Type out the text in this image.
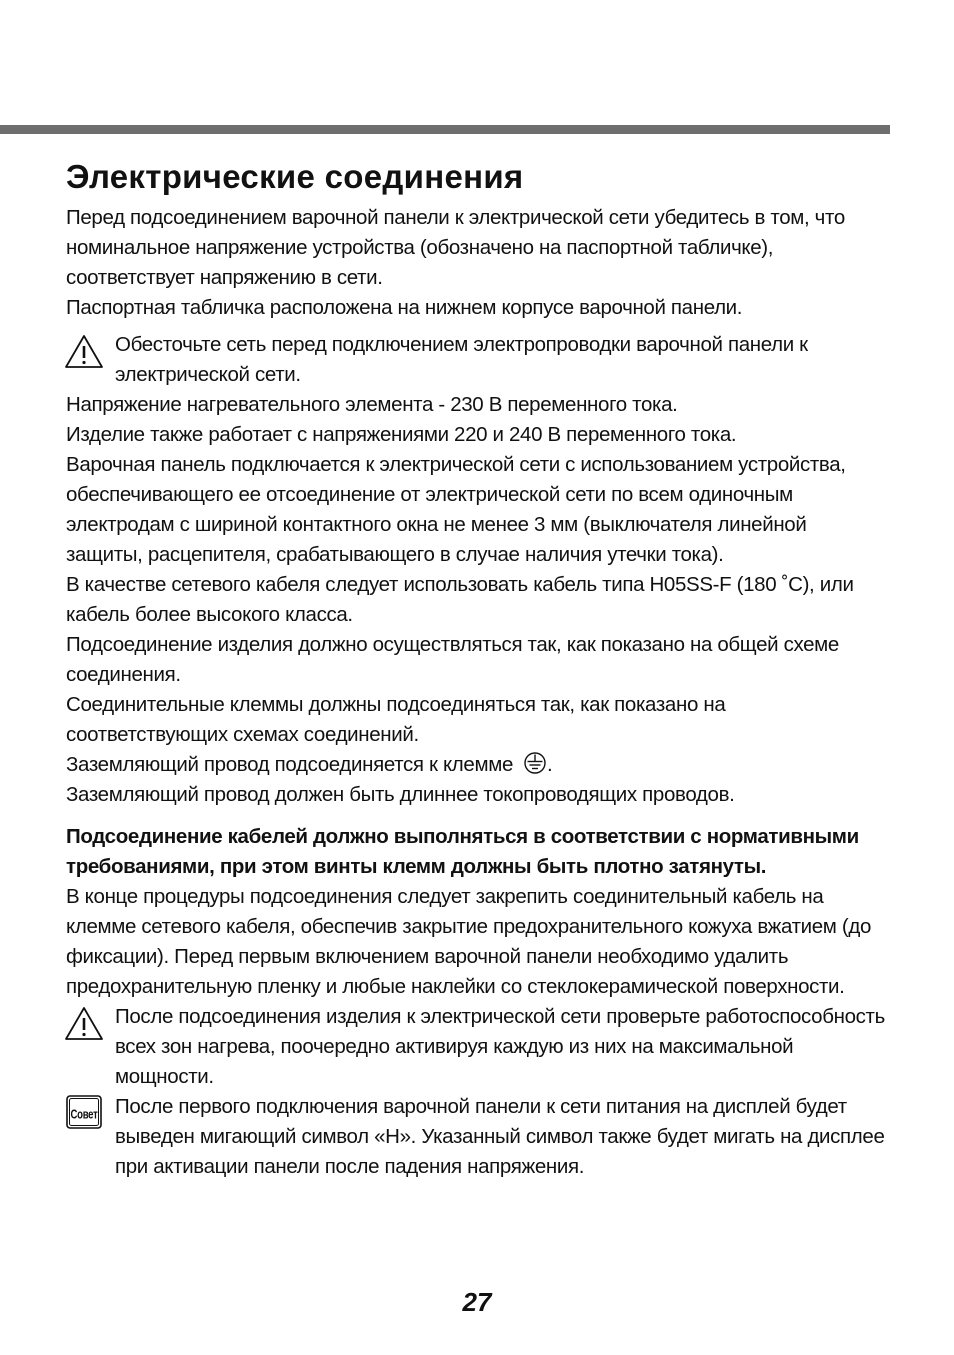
Электрические соединения

Перед подсоединением варочной панели к электрической сети убедитесь в том, что номинальное напряжение устройства (обозначено на паспортной табличке), соответствует напряжению в сети.

Паспортная табличка расположена на нижнем корпусе варочной панели.

Обесточьте сеть перед подключением электропроводки варочной панели к электрической сети.

Напряжение нагревательного элемента - 230 В переменного тока.

Изделие также работает с напряжениями 220 и 240 В переменного тока.

Варочная панель подключается к электрической сети с использованием устройства, обеспечивающего ее отсоединение от электрической сети по всем одиночным электродам с шириной контактного окна не менее 3 мм (выключателя линейной защиты, расцепителя, срабатывающего в случае наличия утечки тока).

В качестве сетевого кабеля следует использовать кабель типа H05SS-F (180 ˚C), или кабель более высокого класса.

Подсоединение изделия должно осуществляться так, как показано на общей схеме соединения.

Соединительные клеммы должны подсоединяться так, как показано на соответствующих схемах соединений.

Заземляющий провод подсоединяется к клемме .

Заземляющий провод должен быть длиннее токопроводящих проводов.

Подсоединение кабелей должно выполняться в соответствии с нормативными требованиями, при этом винты клемм должны быть плотно затянуты.

В конце процедуры подсоединения следует закрепить соединительный кабель на клемме сетевого кабеля, обеспечив закрытие предохранительного кожуха вжатием (до фиксации). Перед первым включением варочной панели необходимо удалить предохранительную пленку и любые наклейки со стеклокерамической поверхности.

После подсоединения изделия к электрической сети проверьте работоспособность всех зон нагрева, поочередно активируя каждую из них на максимальной мощности.

Совет После первого подключения варочной панели к сети питания на дисплей будет выведен мигающий символ «H». Указанный символ также будет мигать на дисплее при активации панели после падения напряжения.

27
